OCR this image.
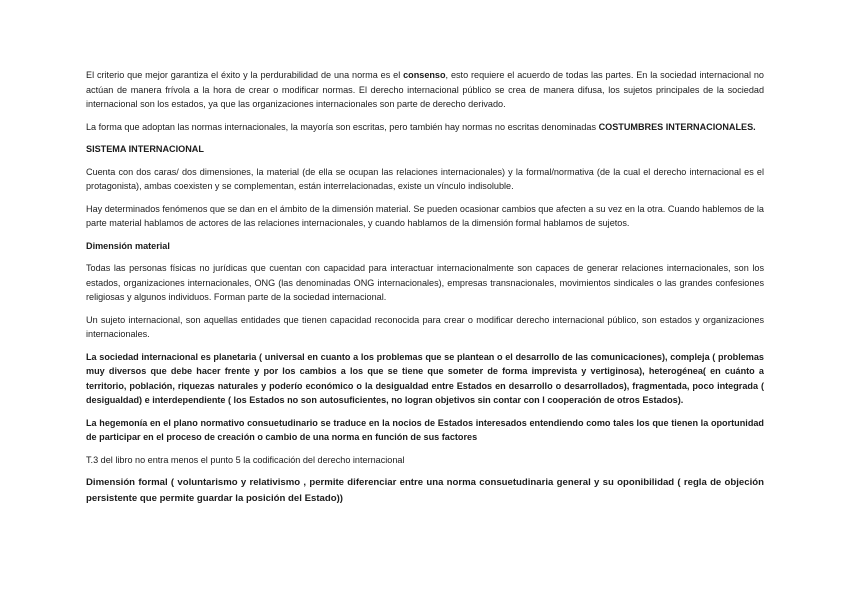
El criterio que mejor garantiza el éxito y la perdurabilidad de una norma es el consenso, esto requiere el acuerdo de todas las partes. En la sociedad internacional no actúan de manera frívola a la hora de crear o modificar normas. El derecho internacional público se crea de manera difusa, los sujetos principales de la sociedad internacional son los estados, ya que las organizaciones internacionales son parte de derecho derivado.

La forma que adoptan las normas internacionales, la mayoría son escritas, pero también hay normas no escritas denominadas COSTUMBRES INTERNACIONALES.

SISTEMA INTERNACIONAL

Cuenta con dos caras/ dos dimensiones, la material (de ella se ocupan las relaciones internacionales) y la formal/normativa (de la cual el derecho internacional es el protagonista), ambas coexisten y se complementan, están interrelacionadas, existe un vínculo indisoluble.

Hay determinados fenómenos que se dan en el ámbito de la dimensión material. Se pueden ocasionar cambios que afecten a su vez en la otra. Cuando hablemos de la parte material hablamos de actores de las relaciones internacionales, y cuando hablamos de la dimensión formal hablamos de sujetos.

Dimensión material

Todas las personas físicas no jurídicas que cuentan con capacidad para interactuar internacionalmente son capaces de generar relaciones internacionales, son los estados, organizaciones internacionales, ONG (las denominadas ONG internacionales), empresas transnacionales, movimientos sindicales o las grandes confesiones religiosas y algunos individuos. Forman parte de la sociedad internacional.

Un sujeto internacional, son aquellas entidades que tienen capacidad reconocida para crear o modificar derecho internacional público, son estados y organizaciones internacionales.

La sociedad internacional es planetaria ( universal en cuanto a los problemas que se plantean o el desarrollo de las comunicaciones), compleja ( problemas muy diversos que debe hacer frente y por los cambios a los que se tiene que someter de forma imprevista y vertiginosa), heterogénea( en cuánto a territorio, población, riquezas naturales y poderío económico o la desigualdad entre Estados en desarrollo o desarrollados), fragmentada, poco integrada ( desigualdad) e interdependiente ( los Estados no son autosuficientes, no logran objetivos sin contar con l cooperación de otros Estados).

La hegemonía en el plano normativo consuetudinario se traduce en la nocios de Estados interesados entendiendo como tales los que tienen la oportunidad de participar en el proceso de creación o cambio de una norma en función de sus factores

T.3 del libro no entra menos el punto 5 la codificación del derecho internacional

Dimensión formal ( voluntarismo y relativismo , permite diferenciar entre una norma consuetudinaria general y su oponibilidad ( regla de objeción persistente que permite guardar la posición del Estado))
